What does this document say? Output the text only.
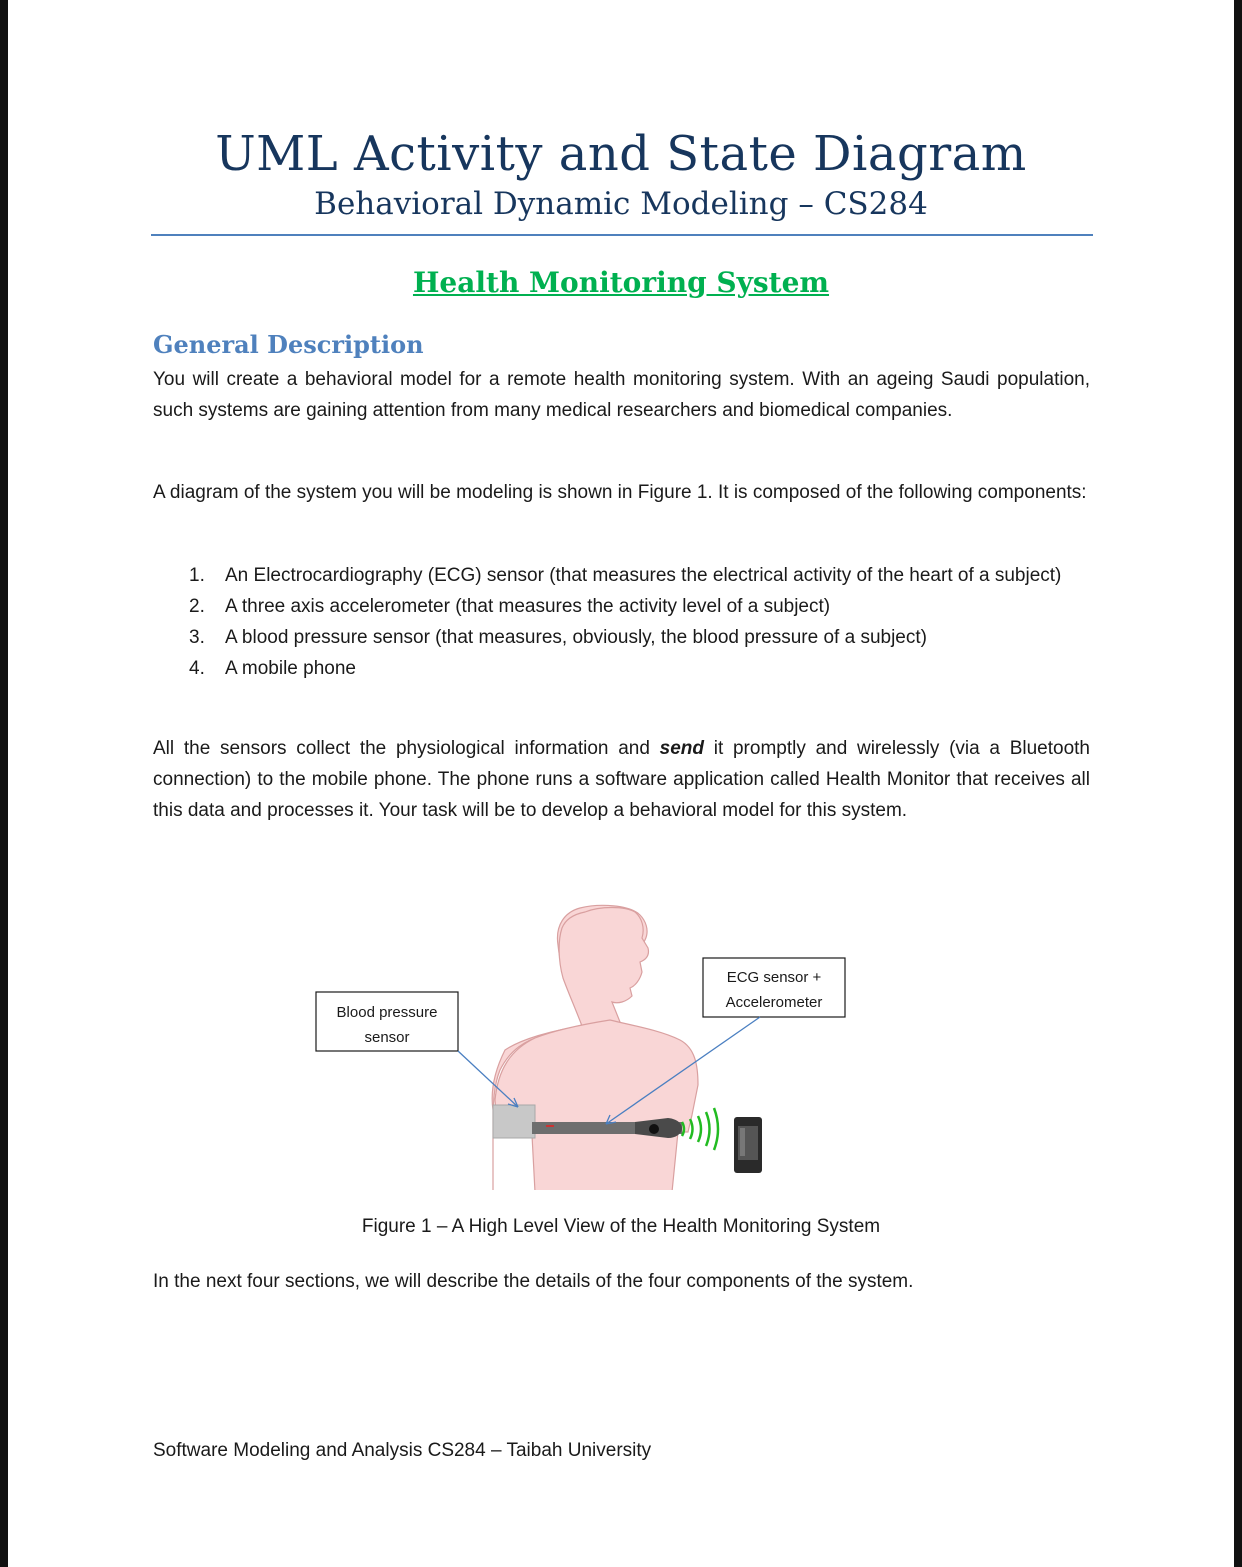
UML Activity and State Diagram
Behavioral Dynamic Modeling – CS284
Health Monitoring System
General Description

You will create a behavioral model for a remote health monitoring system. With an ageing Saudi population, such systems are gaining attention from many medical researchers and biomedical companies.

A diagram of the system you will be modeling is shown in Figure 1. It is composed of the following components:

1. An Electrocardiography (ECG) sensor (that measures the electrical activity of the heart of a subject)
2. A three axis accelerometer (that measures the activity level of a subject)
3. A blood pressure sensor (that measures, obviously, the blood pressure of a subject)
4. A mobile phone

All the sensors collect the physiological information and send it promptly and wirelessly (via a Bluetooth connection) to the mobile phone. The phone runs a software application called Health Monitor that receives all this data and processes it. Your task will be to develop a behavioral model for this system.

Blood pressure
sensor
ECG sensor +
Accelerometer
Figure 1 – A High Level View of the Health Monitoring System

In the next four sections, we will describe the details of the four components of the system.

Software Modeling and Analysis CS284 – Taibah University
